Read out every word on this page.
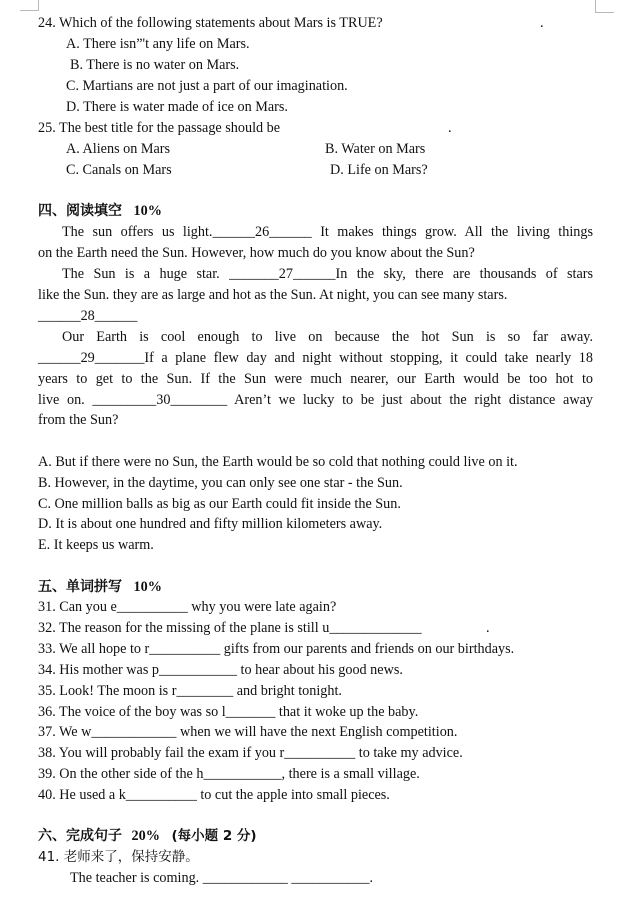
24. Which of the following statements about Mars is TRUE?	.
A. There isn”'t any life on Mars.
B. There is no water on Mars.
C. Martians are not just a part of our imagination.
D. There is water made of ice on Mars.
25. The best title for the passage should be	.
A. Aliens on Mars	B. Water on Mars
C. Canals on Mars	D. Life on Mars?
四、阅读填空 10%
The sun offers us light.______26______ It makes things grow. All the living things
on the Earth need the Sun. However, how much do you know about the Sun?
The Sun is a huge star. _______27______In the sky, there are thousands of stars
like the Sun. they are as large and hot as the Sun. At night, you can see many stars.
______28______
Our Earth is cool enough to live on because the hot Sun is so far away.
______29_______If a plane flew day and night without stopping, it could take nearly 18
years to get to the Sun. If the Sun were much nearer, our Earth would be too hot to
live on. _________30________ Aren’t we lucky to be just about the right distance away
from the Sun?
A. But if there were no Sun, the Earth would be so cold that nothing could live on it.
B. However, in the daytime, you can only see one star - the Sun.
C. One million balls as big as our Earth could fit inside the Sun.
D. It is about one hundred and fifty million kilometers away.
E. It keeps us warm.
五、单词拼写 10%
31. Can you e__________ why you were late again?
32. The reason for the missing of the plane is still u_____________	.
33. We all hope to r__________ gifts from our parents and friends on our birthdays.
34. His mother was p___________ to hear about his good news.
35. Look! The moon is r________ and bright tonight.
36. The voice of the boy was so l_______ that it woke up the baby.
37. We w____________ when we will have the next English competition.
38. You will probably fail the exam if you r__________ to take my advice.
39. On the other side of the h___________, there is a small village.
40. He used a k__________ to cut the apple into small pieces.
六、完成句子 20% (每小题 2 分)
41. 老师来了，保持安静。
The teacher is coming. ____________ ___________.
